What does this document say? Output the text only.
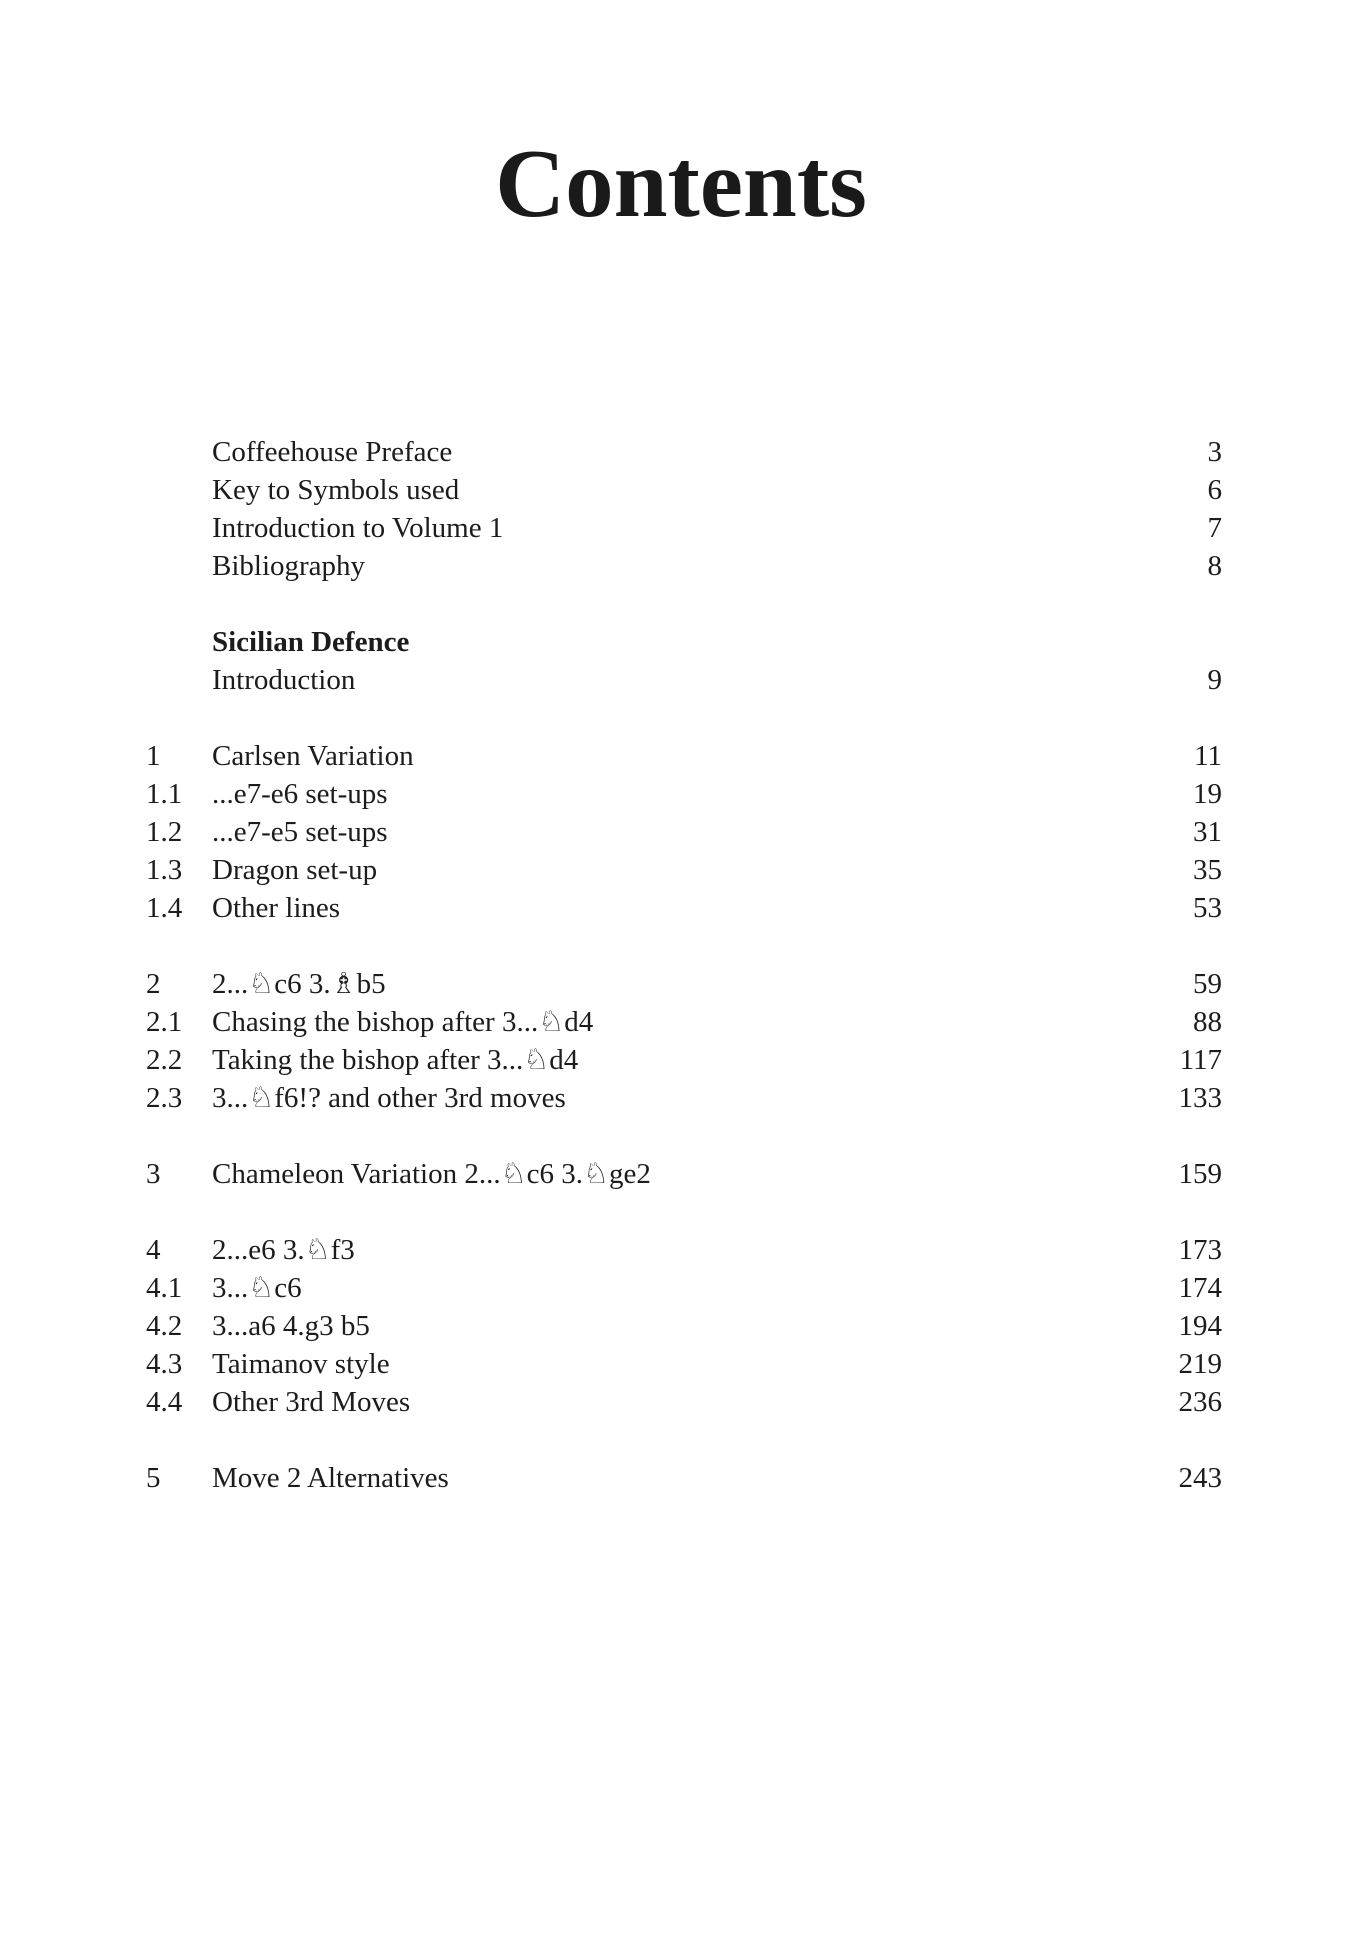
Contents
Coffeehouse Preface	3
Key to Symbols used	6
Introduction to Volume 1	7
Bibliography	8
Sicilian Defence
Introduction	9
1	Carlsen Variation	11
1.1	...e7-e6 set-ups	19
1.2	...e7-e5 set-ups	31
1.3	Dragon set-up	35
1.4	Other lines	53
2	2...♘c6 3.♗b5	59
2.1	Chasing the bishop after 3...♘d4	88
2.2	Taking the bishop after 3...♘d4	117
2.3	3...♘f6!? and other 3rd moves	133
3	Chameleon Variation 2...♘c6 3.♘ge2	159
4	2...e6 3.♘f3	173
4.1	3...♘c6	174
4.2	3...a6 4.g3 b5	194
4.3	Taimanov style	219
4.4	Other 3rd Moves	236
5	Move 2 Alternatives	243
